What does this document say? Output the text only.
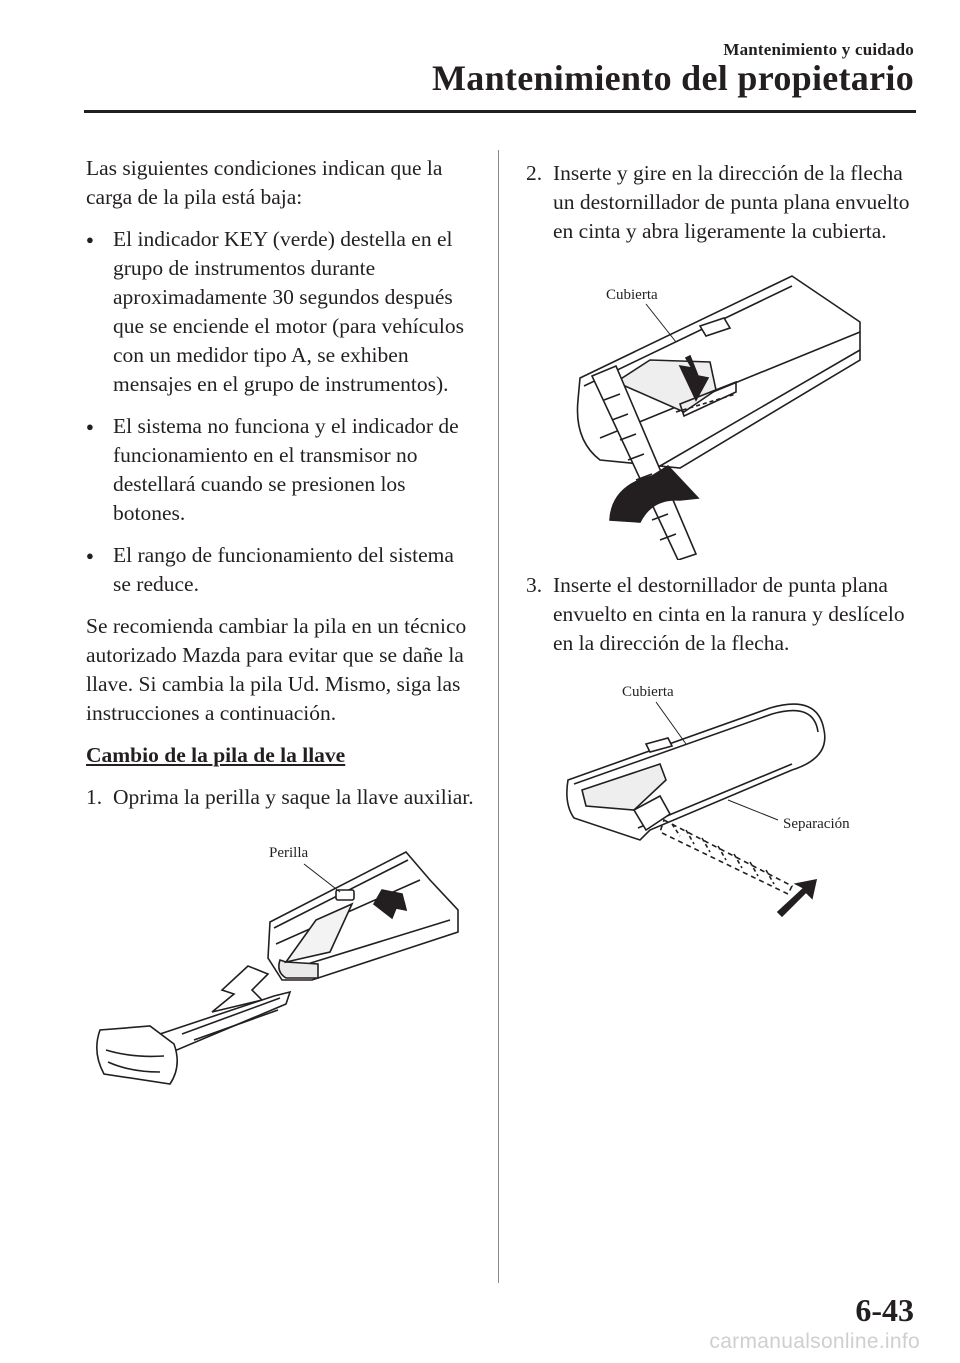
Mantenimiento y cuidado
Mantenimiento del propietario

Las siguientes condiciones indican que la carga de la pila está baja:

● El indicador KEY (verde) destella en el grupo de instrumentos durante aproximadamente 30 segundos después que se enciende el motor (para vehículos con un medidor tipo A, se exhiben mensajes en el grupo de instrumentos).
● El sistema no funciona y el indicador de funcionamiento en el transmisor no destellará cuando se presionen los botones.
● El rango de funcionamiento del sistema se reduce.

Se recomienda cambiar la pila en un técnico autorizado Mazda para evitar que se dañe la llave. Si cambia la pila Ud. Mismo, siga las instrucciones a continuación.

Cambio de la pila de la llave

1. Oprima la perilla y saque la llave auxiliar.
Perilla
2. Inserte y gire en la dirección de la flecha un destornillador de punta plana envuelto en cinta y abra ligeramente la cubierta.
Cubierta
3. Inserte el destornillador de punta plana envuelto en cinta en la ranura y deslícelo en la dirección de la flecha.
Cubierta
Separación
6-43
carmanualsonline.info
